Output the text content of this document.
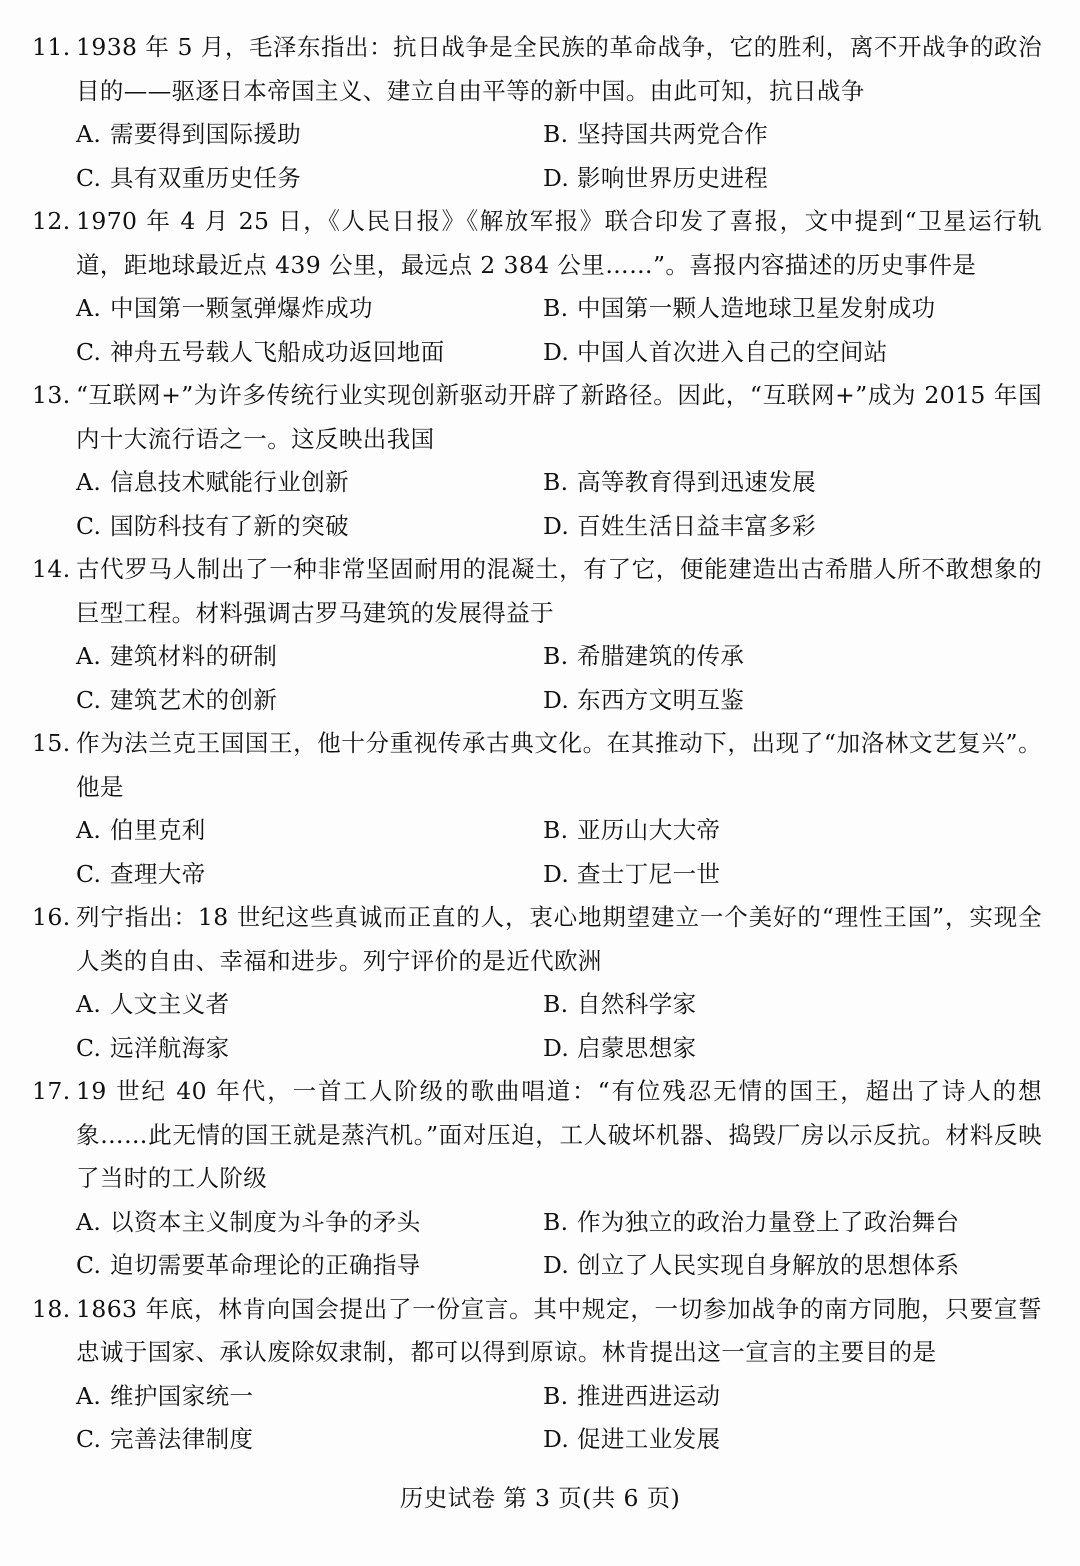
11. 1938 年 5 月，毛泽东指出：抗日战争是全民族的革命战争，它的胜利，离不开战争的政治目的——驱逐日本帝国主义、建立自由平等的新中国。由此可知，抗日战争
A. 需要得到国际援助	B. 坚持国共两党合作
C. 具有双重历史任务	D. 影响世界历史进程
12. 1970 年 4 月 25 日，《人民日报》《解放军报》联合印发了喜报，文中提到“卫星运行轨道，距地球最近点 439 公里，最远点 2 384 公里……”。喜报内容描述的历史事件是
A. 中国第一颗氢弹爆炸成功	B. 中国第一颗人造地球卫星发射成功
C. 神舟五号载人飞船成功返回地面	D. 中国人首次进入自己的空间站
13. “互联网+”为许多传统行业实现创新驱动开辟了新路径。因此，“互联网+”成为 2015 年国内十大流行语之一。这反映出我国
A. 信息技术赋能行业创新	B. 高等教育得到迅速发展
C. 国防科技有了新的突破	D. 百姓生活日益丰富多彩
14. 古代罗马人制出了一种非常坚固耐用的混凝土，有了它，便能建造出古希腊人所不敢想象的巨型工程。材料强调古罗马建筑的发展得益于
A. 建筑材料的研制	B. 希腊建筑的传承
C. 建筑艺术的创新	D. 东西方文明互鉴
15. 作为法兰克王国国王，他十分重视传承古典文化。在其推动下，出现了“加洛林文艺复兴”。他是
A. 伯里克利	B. 亚历山大大帝
C. 查理大帝	D. 查士丁尼一世
16. 列宁指出：18 世纪这些真诚而正直的人，衷心地期望建立一个美好的“理性王国”，实现全人类的自由、幸福和进步。列宁评价的是近代欧洲
A. 人文主义者	B. 自然科学家
C. 远洋航海家	D. 启蒙思想家
17. 19 世纪 40 年代，一首工人阶级的歌曲唱道：“有位残忍无情的国王，超出了诗人的想象……此无情的国王就是蒸汽机。”面对压迫，工人破坏机器、捣毁厂房以示反抗。材料反映了当时的工人阶级
A. 以资本主义制度为斗争的矛头	B. 作为独立的政治力量登上了政治舞台
C. 迫切需要革命理论的正确指导	D. 创立了人民实现自身解放的思想体系
18. 1863 年底，林肯向国会提出了一份宣言。其中规定，一切参加战争的南方同胞，只要宣誓忠诚于国家、承认废除奴隶制，都可以得到原谅。林肯提出这一宣言的主要目的是
A. 维护国家统一	B. 推进西进运动
C. 完善法律制度	D. 促进工业发展
历史试卷 第 3 页(共 6 页)
